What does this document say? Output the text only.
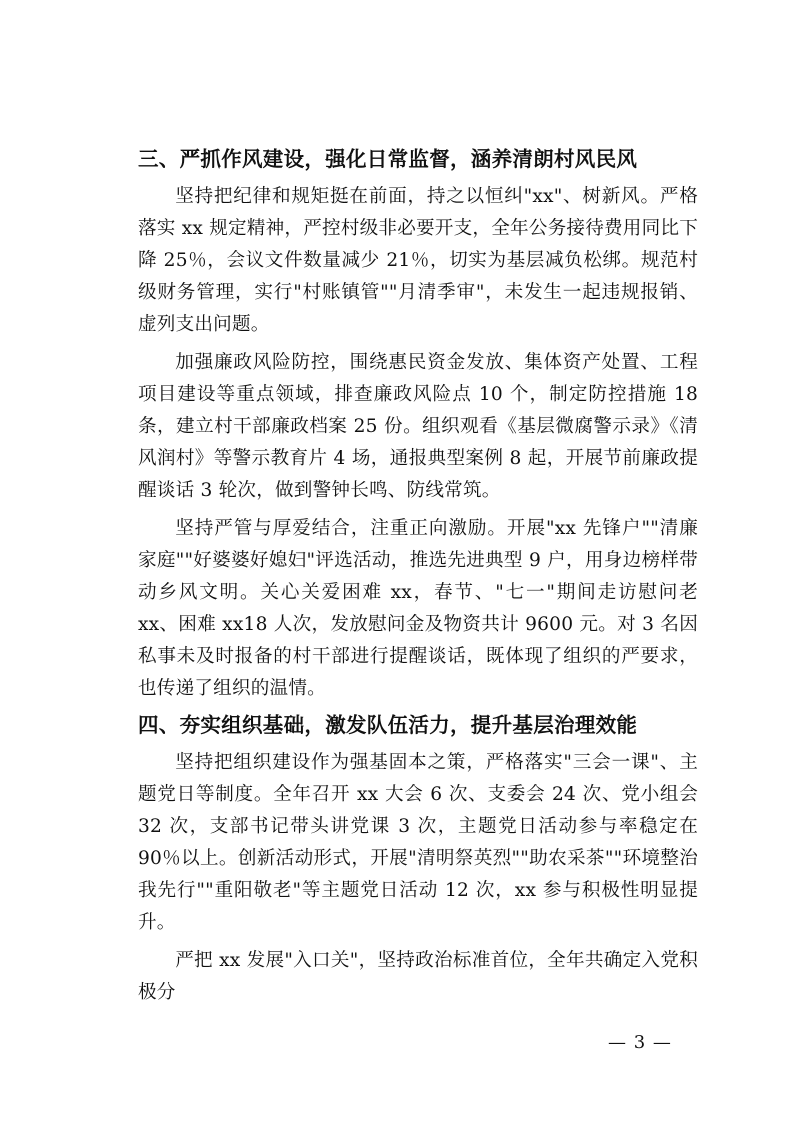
三、严抓作风建设，强化日常监督，涵养清朗村风民风

坚持把纪律和规矩挺在前面，持之以恒纠"xx"、树新风。严格落实 xx 规定精神，严控村级非必要开支，全年公务接待费用同比下降 25％，会议文件数量减少 21％，切实为基层减负松绑。规范村级财务管理，实行"村账镇管""月清季审"，未发生一起违规报销、虚列支出问题。

加强廉政风险防控，围绕惠民资金发放、集体资产处置、工程项目建设等重点领域，排查廉政风险点 10 个，制定防控措施 18 条，建立村干部廉政档案 25 份。组织观看《基层微腐警示录》《清风润村》等警示教育片 4 场，通报典型案例 8 起，开展节前廉政提醒谈话 3 轮次，做到警钟长鸣、防线常筑。

坚持严管与厚爱结合，注重正向激励。开展"xx 先锋户""清廉家庭""好婆婆好媳妇"评选活动，推选先进典型 9 户，用身边榜样带动乡风文明。关心关爱困难 xx，春节、"七一"期间走访慰问老 xx、困难 xx18 人次，发放慰问金及物资共计 9600 元。对 3 名因私事未及时报备的村干部进行提醒谈话，既体现了组织的严要求，也传递了组织的温情。

四、夯实组织基础，激发队伍活力，提升基层治理效能

坚持把组织建设作为强基固本之策，严格落实"三会一课"、主题党日等制度。全年召开 xx 大会 6 次、支委会 24 次、党小组会 32 次，支部书记带头讲党课 3 次，主题党日活动参与率稳定在 90％以上。创新活动形式，开展"清明祭英烈""助农采茶""环境整治我先行""重阳敬老"等主题党日活动 12 次，xx 参与积极性明显提升。

严把 xx 发展"入口关"，坚持政治标准首位，全年共确定入党积极分

— 3 —
